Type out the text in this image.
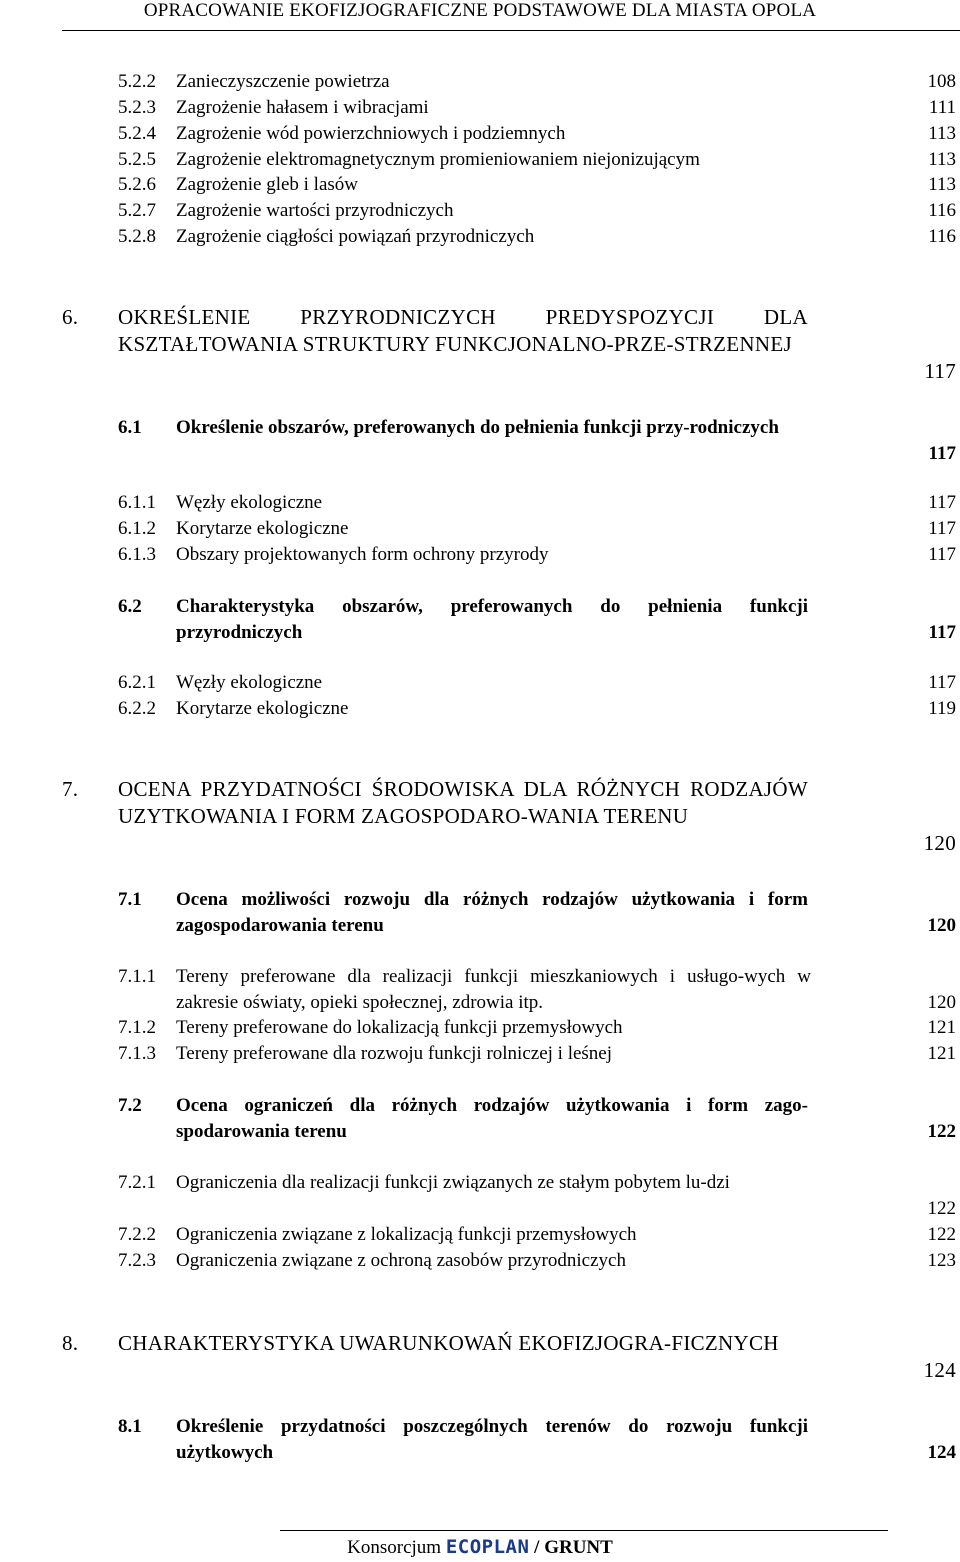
OPRACOWANIE EKOFIZJOGRAFICZNE PODSTAWOWE DLA MIASTA OPOLA
5.2.2 Zanieczyszczenie powietrza	108
5.2.3 Zagrożenie hałasem i wibracjami	111
5.2.4 Zagrożenie wód powierzchniowych i podziemnych	113
5.2.5 Zagrożenie elektromagnetycznym promieniowaniem niejonizującym	113
5.2.6 Zagrożenie gleb i lasów	113
5.2.7 Zagrożenie wartości przyrodniczych	116
5.2.8 Zagrożenie ciągłości powiązań przyrodniczych	116
6. OKREŚLENIE PRZYRODNICZYCH PREDYSPOZYCJI DLA KSZTAŁTOWANIA STRUKTURY FUNKCJONALNO-PRZE-STRZENNEJ
117
6.1 Określenie obszarów, preferowanych do pełnienia funkcji przy-rodniczych
117
6.1.1 Węzły ekologiczne	117
6.1.2 Korytarze ekologiczne	117
6.1.3 Obszary projektowanych form ochrony przyrody	117
6.2 Charakterystyka obszarów, preferowanych do pełnienia funkcji przyrodniczych	117
6.2.1 Węzły ekologiczne	117
6.2.2 Korytarze ekologiczne	119
7. OCENA PRZYDATNOŚCI ŚRODOWISKA DLA RÓŻNYCH RODZAJÓW UZYTKOWANIA I FORM ZAGOSPODARO-WANIA TERENU
120
7.1 Ocena możliwości rozwoju dla różnych rodzajów użytkowania i form zagospodarowania terenu	120
7.1.1 Tereny preferowane dla realizacji funkcji mieszkaniowych i usługo-wych w zakresie oświaty, opieki społecznej, zdrowia itp.	120
7.1.2 Tereny preferowane do lokalizacją funkcji przemysłowych	121
7.1.3 Tereny preferowane dla rozwoju funkcji rolniczej i leśnej	121
7.2 Ocena ograniczeń dla różnych rodzajów użytkowania i form zago-spodarowania terenu	122
7.2.1 Ograniczenia dla realizacji funkcji związanych ze stałym pobytem lu-dzi
122
7.2.2 Ograniczenia związane z lokalizacją funkcji przemysłowych	122
7.2.3 Ograniczenia związane z ochroną zasobów przyrodniczych	123
8. CHARAKTERYSTYKA UWARUNKOWAŃ EKOFIZJOGRA-FICZNYCH
124
8.1 Określenie przydatności poszczególnych terenów do rozwoju funkcji użytkowych	124
Konsorcjum ECOPLAN / GRUNT
